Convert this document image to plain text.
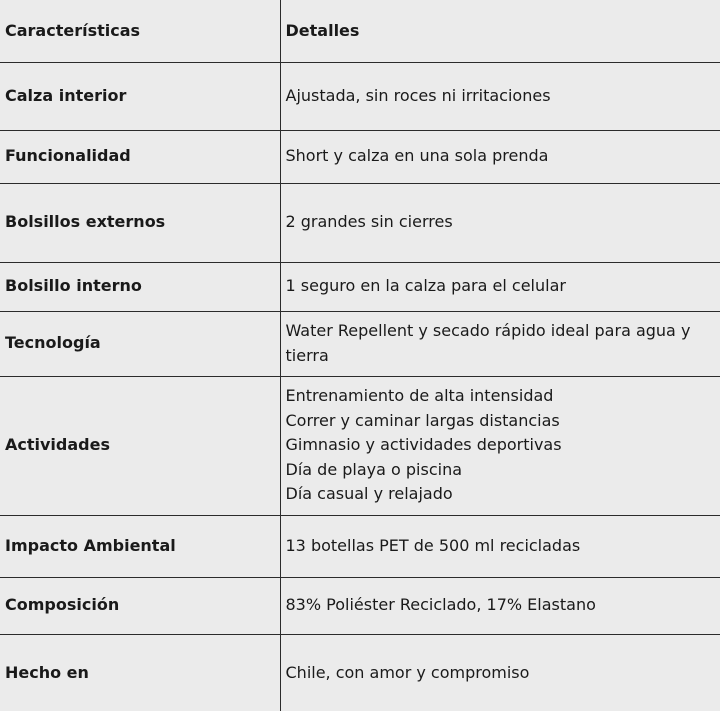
Características	Detalles
Calza interior	Ajustada, sin roces ni irritaciones

Funcionalidad	Short y calza en una sola prenda

Bolsillos externos	2 grandes sin cierres

Bolsillo interno	1 seguro en la calza para el celular

Tecnología	Water Repellent y secado rápido ideal para agua y tierra

Actividades	Entrenamiento de alta intensidad
Correr y caminar largas distancias
Gimnasio y actividades deportivas
Día de playa o piscina
Día casual y relajado

Impacto Ambiental	13 botellas PET de 500 ml recicladas

Composición	83% Poliéster Reciclado, 17% Elastano

Hecho en	Chile, con amor y compromiso
